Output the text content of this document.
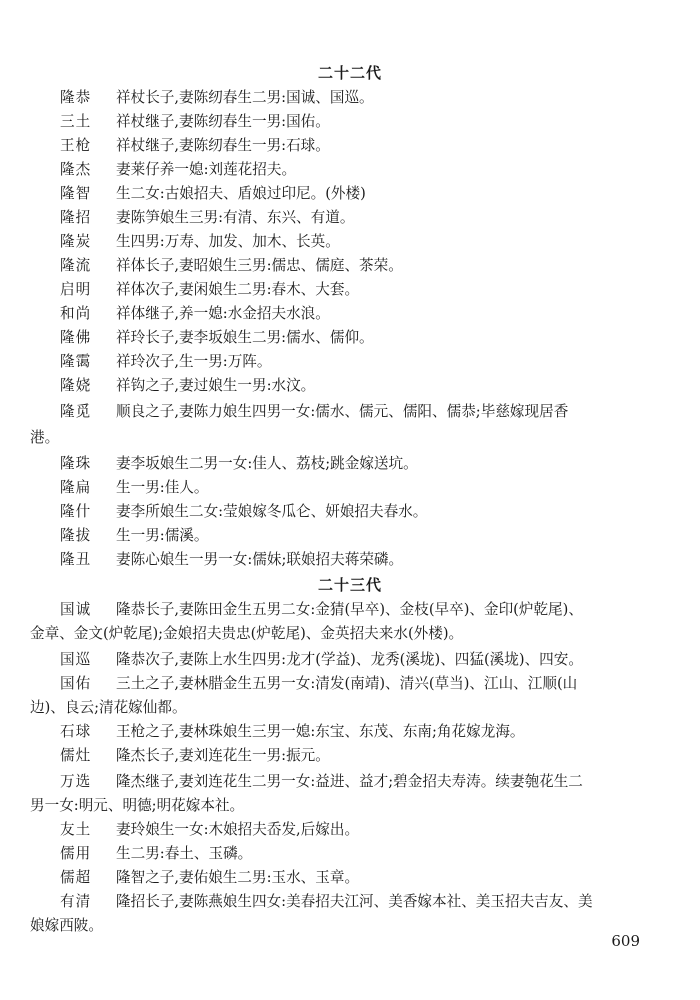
二十二代
隆恭 祥杖长子,妻陈纫春生二男:国诚、国巡。
三土 祥杖继子,妻陈纫春生一男:国佑。
王枪 祥杖继子,妻陈纫春生一男:石球。
隆杰 妻莱仔养一媳:刘莲花招夫。
隆智 生二女:古娘招夫、盾娘过印尼。(外楼)
隆招 妻陈笋娘生三男:有清、东兴、有道。
隆炭 生四男:万寿、加发、加木、长英。
隆流 祥体长子,妻昭娘生三男:儒忠、儒庭、茶荣。
启明 祥体次子,妻闲娘生二男:春木、大套。
和尚 祥体继子,养一媳:水金招夫水浪。
隆佛 祥玲长子,妻李坂娘生二男:儒水、儒仰。
隆霭 祥玲次子,生一男:万阵。
隆娆 祥钩之子,妻过娘生一男:水汶。
隆觅 顺良之子,妻陈力娘生四男一女:儒水、儒元、儒阳、儒恭;毕慈嫁现居香
港。
隆珠 妻李坂娘生二男一女:佳人、荔枝;跳金嫁送坑。
隆扁 生一男:佳人。
隆什 妻李所娘生二女:莹娘嫁冬瓜仑、妍娘招夫春水。
隆拔 生一男:儒溪。
隆丑 妻陈心娘生一男一女:儒妹;联娘招夫蒋荣磷。
二十三代
国诚 隆恭长子,妻陈田金生五男二女:金猜(早卒)、金枝(早卒)、金印(炉乾尾)、
金章、金文(炉乾尾);金娘招夫贵忠(炉乾尾)、金英招夫来水(外楼)。
国巡 隆恭次子,妻陈上水生四男:龙才(学益)、龙秀(溪垅)、四猛(溪垅)、四安。
国佑 三土之子,妻林腊金生五男一女:清发(南靖)、清兴(草当)、江山、江顺(山
边)、良云;清花嫁仙都。
石球 王枪之子,妻林珠娘生三男一媳:东宝、东茂、东南;角花嫁龙海。
儒灶 隆杰长子,妻刘连花生一男:振元。
万选 隆杰继子,妻刘连花生二男一女:益进、益才;碧金招夫寿涛。续妻匏花生二
男一女:明元、明德;明花嫁本社。
友土 妻玲娘生一女:木娘招夫岙发,后嫁出。
儒用 生二男:春土、玉磷。
儒超 隆智之子,妻佑娘生二男:玉水、玉章。
有清 隆招长子,妻陈燕娘生四女:美春招夫江河、美香嫁本社、美玉招夫吉友、美
娘嫁西陂。
609
